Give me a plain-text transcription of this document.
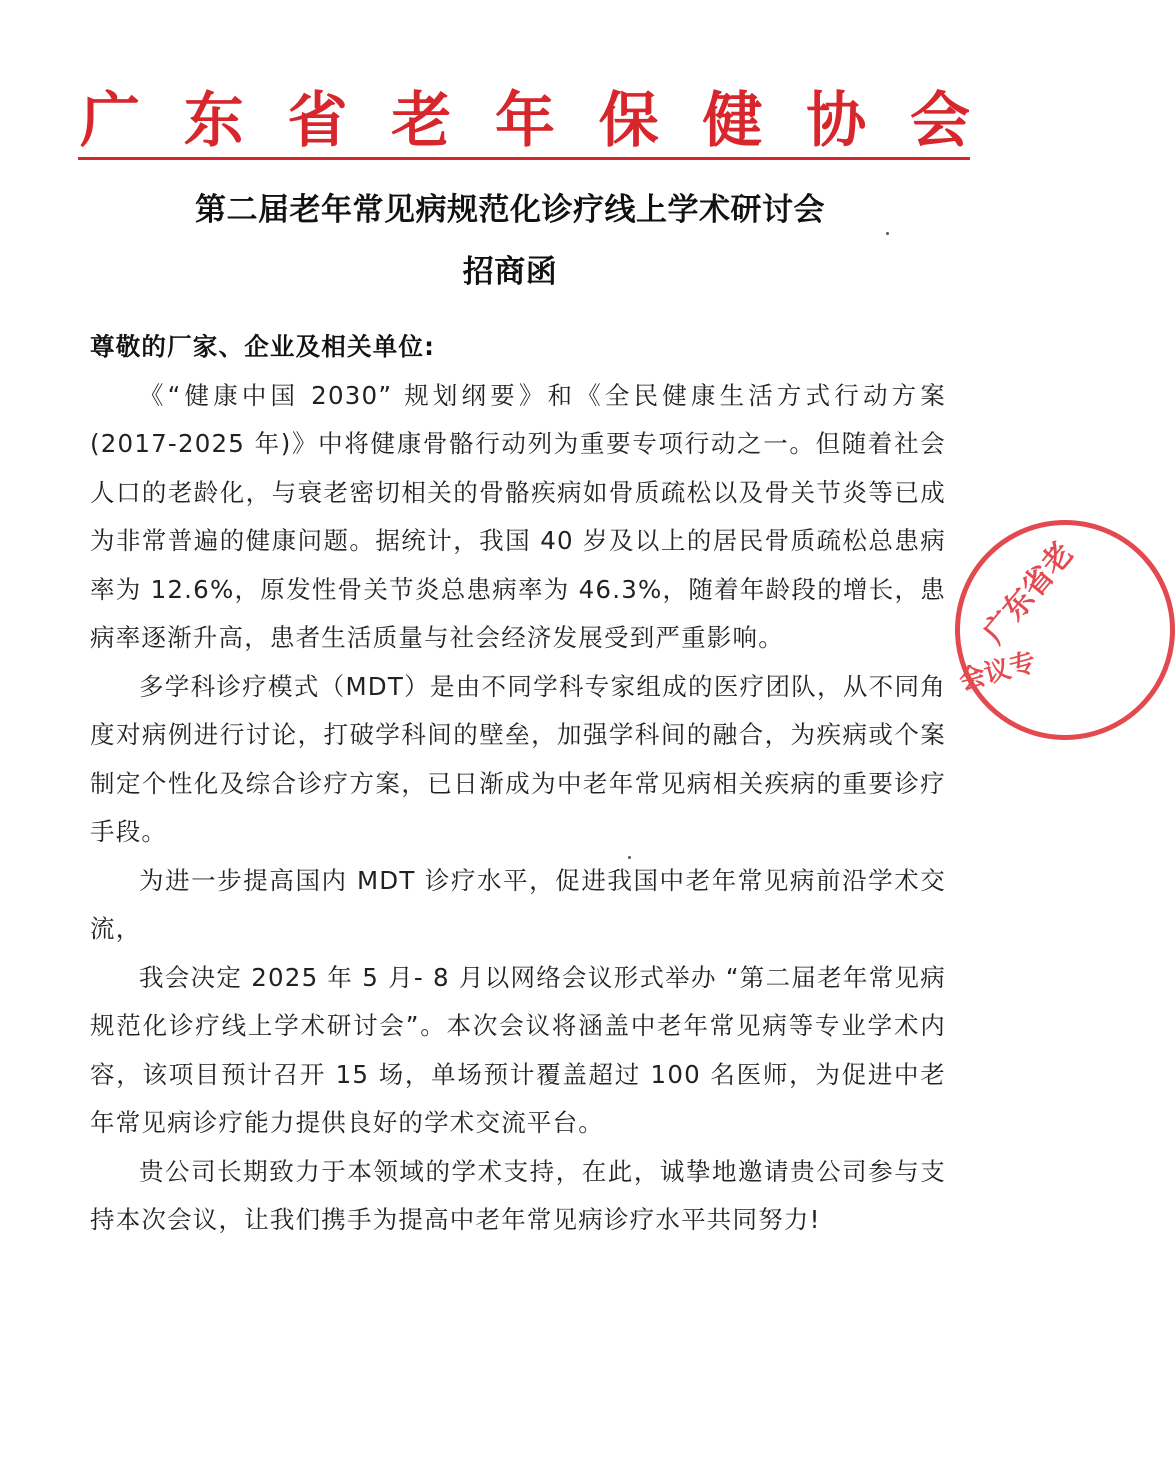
广 东 省 老 年 保 健 协 会
第二届老年常见病规范化诊疗线上学术研讨会
招商函

尊敬的厂家、企业及相关单位:

《“健康中国 2030” 规划纲要》和《全民健康生活方式行动方案(2017-2025 年)》中将健康骨骼行动列为重要专项行动之一。但随着社会人口的老龄化，与衰老密切相关的骨骼疾病如骨质疏松以及骨关节炎等已成为非常普遍的健康问题。据统计，我国 40 岁及以上的居民骨质疏松总患病率为 12.6%，原发性骨关节炎总患病率为 46.3%，随着年龄段的增长，患病率逐渐升高，患者生活质量与社会经济发展受到严重影响。

多学科诊疗模式（MDT）是由不同学科专家组成的医疗团队，从不同角度对病例进行讨论，打破学科间的壁垒，加强学科间的融合，为疾病或个案制定个性化及综合诊疗方案，已日渐成为中老年常见病相关疾病的重要诊疗手段。

为进一步提高国内 MDT 诊疗水平，促进我国中老年常见病前沿学术交流，

我会决定 2025 年 5 月- 8 月以网络会议形式举办 “第二届老年常见病规范化诊疗线上学术研讨会”。本次会议将涵盖中老年常见病等专业学术内容，该项目预计召开 15 场，单场预计覆盖超过 100 名医师，为促进中老年常见病诊疗能力提供良好的学术交流平台。

贵公司长期致力于本领域的学术支持，在此，诚挚地邀请贵公司参与支持本次会议，让我们携手为提高中老年常见病诊疗水平共同努力!

广东省老
会议专
